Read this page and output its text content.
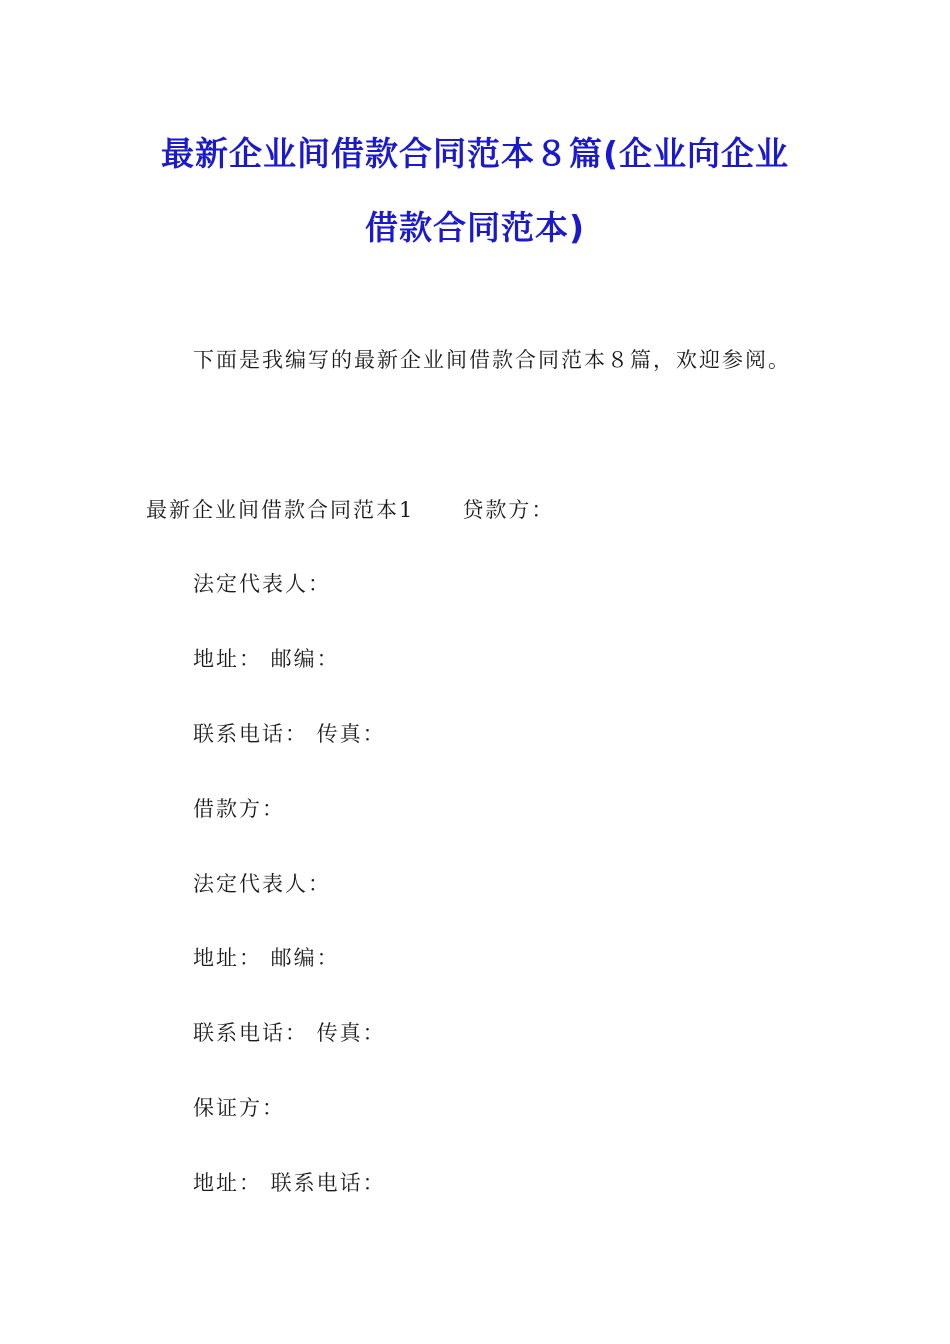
最新企业间借款合同范本８篇(企业向企业
借款合同范本)
下面是我编写的最新企业间借款合同范本８篇，欢迎参阅。
最新企业间借款合同范本1 贷款方：
法定代表人：
地址： 邮编：
联系电话： 传真：
借款方：
法定代表人：
地址： 邮编：
联系电话： 传真：
保证方：
地址： 联系电话：
